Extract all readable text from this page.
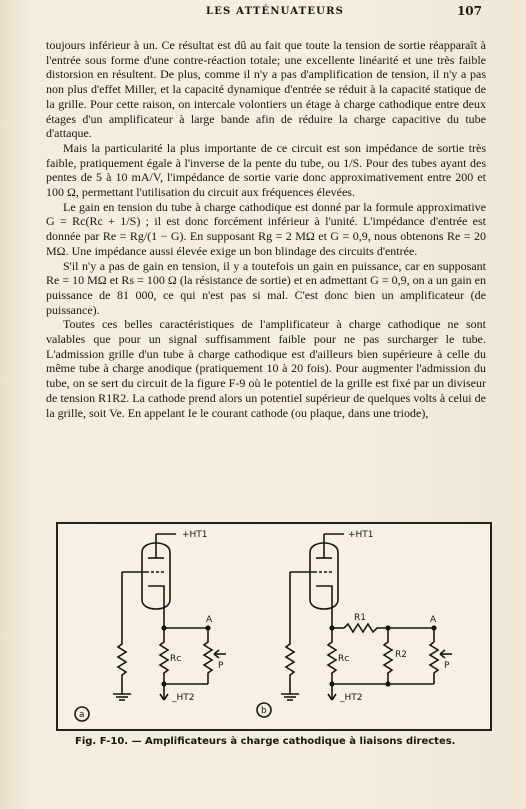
LES ATTÉNUATEURS	107

toujours inférieur à un. Ce résultat est dû au fait que toute la tension de sortie réapparaît à l'entrée sous forme d'une contre-réaction totale; une excellente linéarité et une très faible distorsion en résultent. De plus, comme il n'y a pas d'amplification de tension, il n'y a pas non plus d'effet Miller, et la capacité dynamique d'entrée se réduit à la capacité statique de la grille. Pour cette raison, on intercale volontiers un étage à charge cathodique entre deux étages d'un amplificateur à large bande afin de réduire la charge capacitive du tube d'attaque.

Mais la particularité la plus importante de ce circuit est son impédance de sortie très faible, pratiquement égale à l'inverse de la pente du tube, ou 1/S. Pour des tubes ayant des pentes de 5 à 10 mA/V, l'impédance de sortie varie donc approximativement entre 200 et 100 Ω, permettant l'utilisation du circuit aux fréquences élevées.

Le gain en tension du tube à charge cathodique est donné par la formule approximative G = Rc(Rc + 1/S) ; il est donc forcément inférieur à l'unité. L'impédance d'entrée est donnée par Re = Rg/(1 − G). En supposant Rg = 2 MΩ et G = 0,9, nous obtenons Re = 20 MΩ. Une impédance aussi élevée exige un bon blindage des circuits d'entrée.

S'il n'y a pas de gain en tension, il y a toutefois un gain en puissance, car en supposant Re = 10 MΩ et Rs = 100 Ω (la résistance de sortie) et en admettant G = 0,9, on a un gain en puissance de 81 000, ce qui n'est pas si mal. C'est donc bien un amplificateur (de puissance).

Toutes ces belles caractéristiques de l'amplificateur à charge cathodique ne sont valables que pour un signal suffisamment faible pour ne pas surcharger le tube. L'admission grille d'un tube à charge cathodique est d'ailleurs bien supérieure à celle du même tube à charge anodique (pratiquement 10 à 20 fois). Pour augmenter l'admission du tube, on se sert du circuit de la figure F-9 où le potentiel de la grille est fixé par un diviseur de tension R1R2. La cathode prend alors un potentiel supérieur de quelques volts à celui de la grille, soit Ve. En appelant Ie le courant cathode (ou plaque, dans une triode),

+HT1
A
Rc
P
_HT2
a
+HT1
R1	A
Rc	R2
P
_HT2
b
Fig. F-10. — Amplificateurs à charge cathodique à liaisons directes.
